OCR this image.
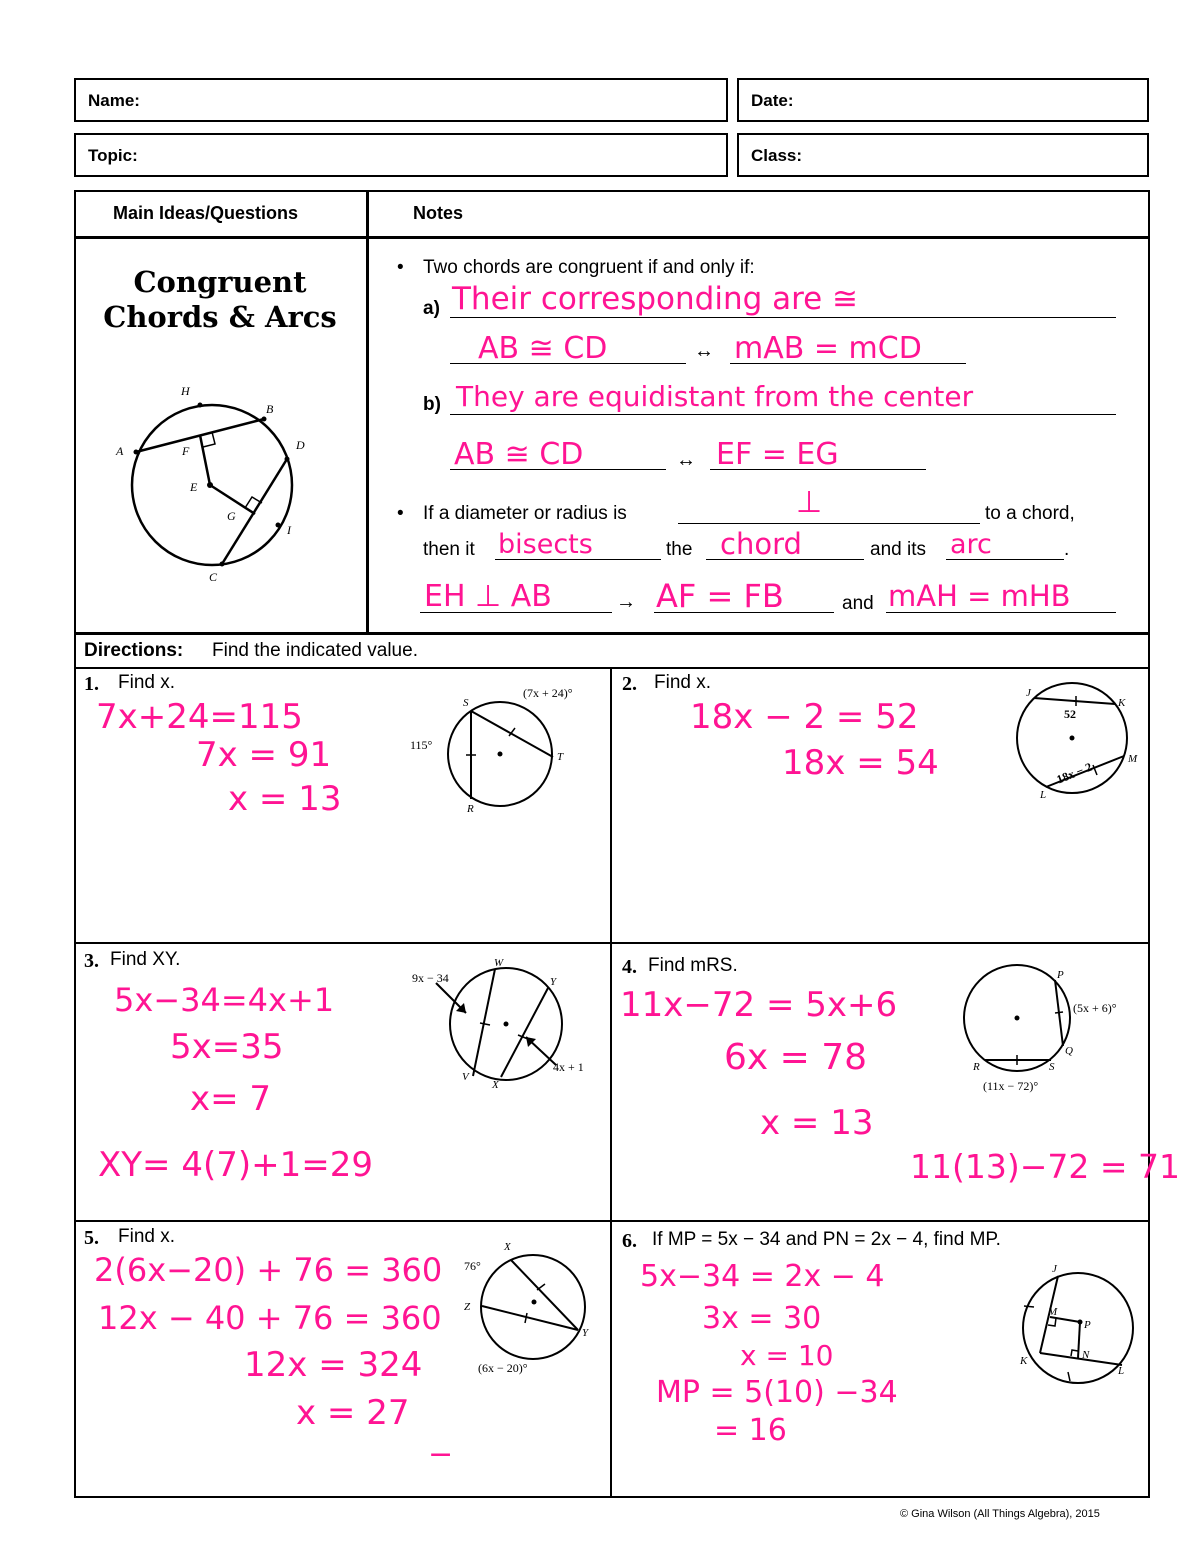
Name:	Date:
Topic:	Class:
Main Ideas/Questions	Notes
Congruent
Chords & Arcs
H
B
A	F	D
E
G
I
C
• Two chords are congruent if and only if:
a) Their corresponding are ≅
AB ≅ CD	↔ mAB = mCD
b) They are equidistant from the center
AB ≅ CD	↔ EF = EG
• If a diameter or radius is	⊥	to a chord,
then it bisects	the chord	and its arc	.
EH ⊥ AB	→ AF = FB	and mAH = mHB
Directions: Find the indicated value.
1. Find x.
7x+24=115
7x = 91
x = 13
115°
(7x + 24)°
S
T
R
2. Find x.
18x − 2 = 52
18x = 54
52
18x − 2
J
K
M
L
3. Find XY.
5x−34=4x+1
5x=35
x= 7
XY= 4(7)+1=29
9x − 34
4x + 1
W
Y
V
X
4. Find mRS.
11x−72 = 5x+6
6x = 78
x = 13
11(13)−72 = 71
(5x + 6)°
(11x − 72)°
P
Q
R	S
5. Find x.
2(6x−20) + 76 = 360
12x − 40 + 76 = 360
12x = 324
x = 27
−
76°
(6x − 20)°
X
Z
Y
6. If MP = 5x − 34 and PN = 2x − 4, find MP.
5x−34 = 2x − 4
3x = 30
x = 10
MP = 5(10) −34
= 16
J
M
P
N
K
L
© Gina Wilson (All Things Algebra), 2015
